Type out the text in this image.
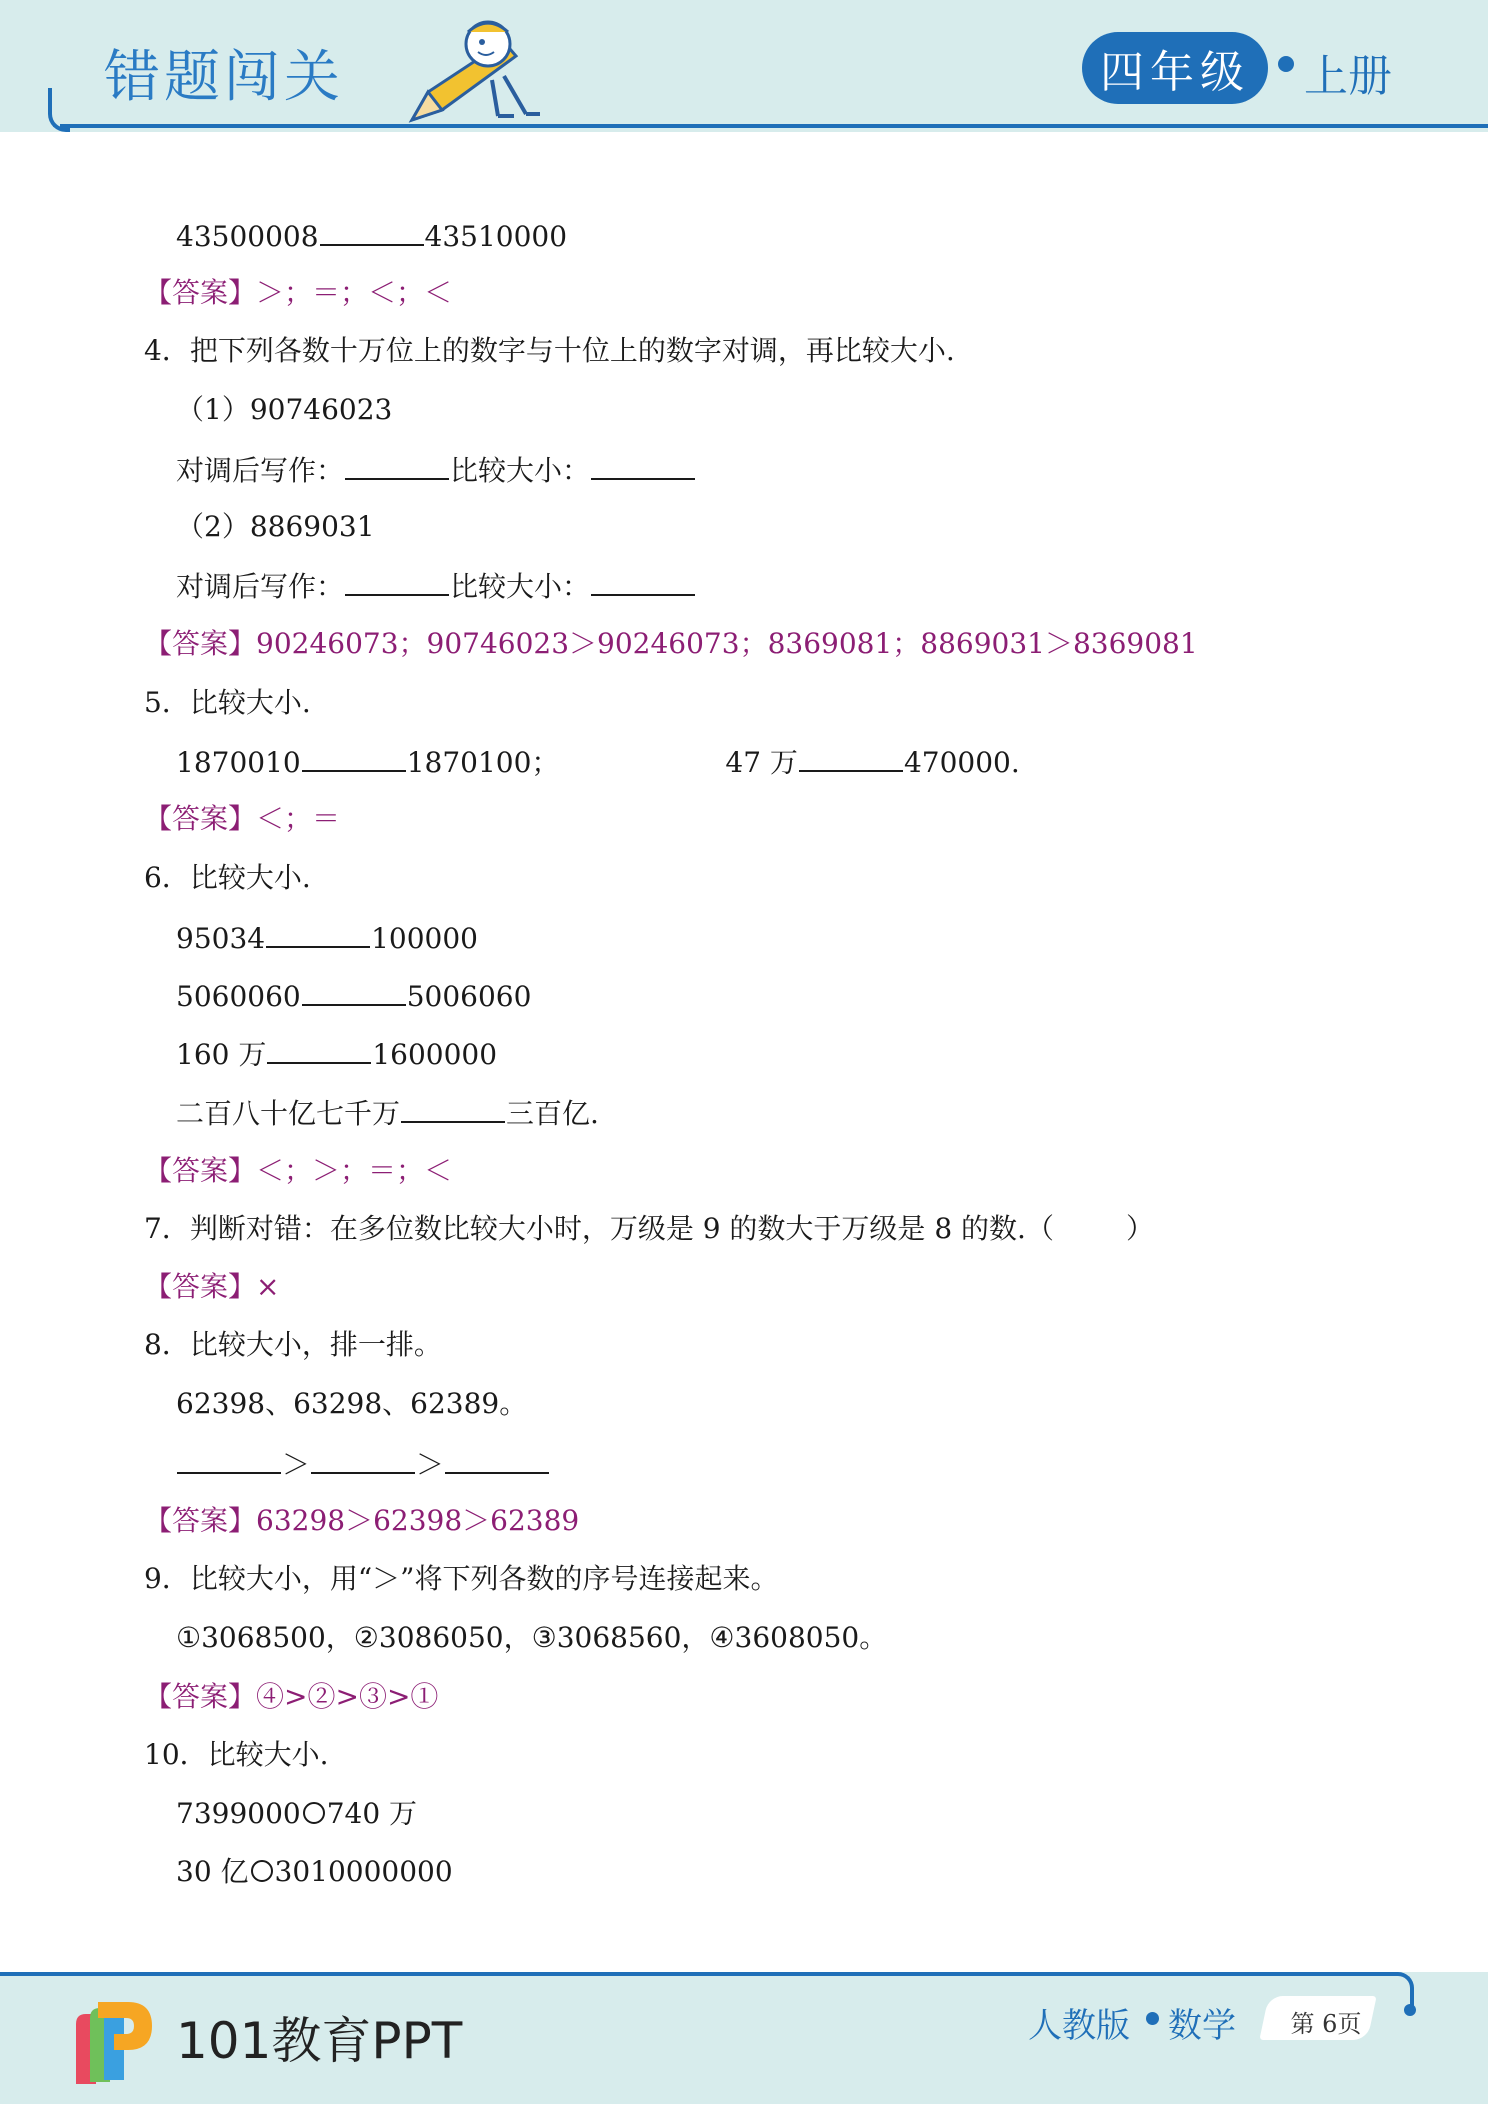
错题闯关	四年级 上册
43500008	43510000
【答案】＞；＝；＜；＜
4．把下列各数十万位上的数字与十位上的数字对调，再比较大小.
（1）90746023
对调后写作：	比较大小：
（2）8869031
对调后写作：	比较大小：
【答案】90246073；90746023＞90246073；8369081；8869031＞8369081
5．比较大小.
1870010	1870100；	47 万	470000.
【答案】＜；＝
6．比较大小.
95034	100000
5060060	5006060
160 万	1600000
二百八十亿七千万	三百亿.
【答案】＜；＞；＝；＜
7．判断对错：在多位数比较大小时，万级是 9 的数大于万级是 8 的数.（	）
【答案】×
8．比较大小，排一排。
62398、63298、62389。
＞	＞
【答案】63298＞62398＞62389
9．比较大小，用“＞”将下列各数的序号连接起来。
①3068500，②3086050，③3068560，④3608050。
【答案】④>②>③>①
10．比较大小.
7399000 740 万
30 亿 3010000000
101教育PPT	人教版 数学	第 6页
